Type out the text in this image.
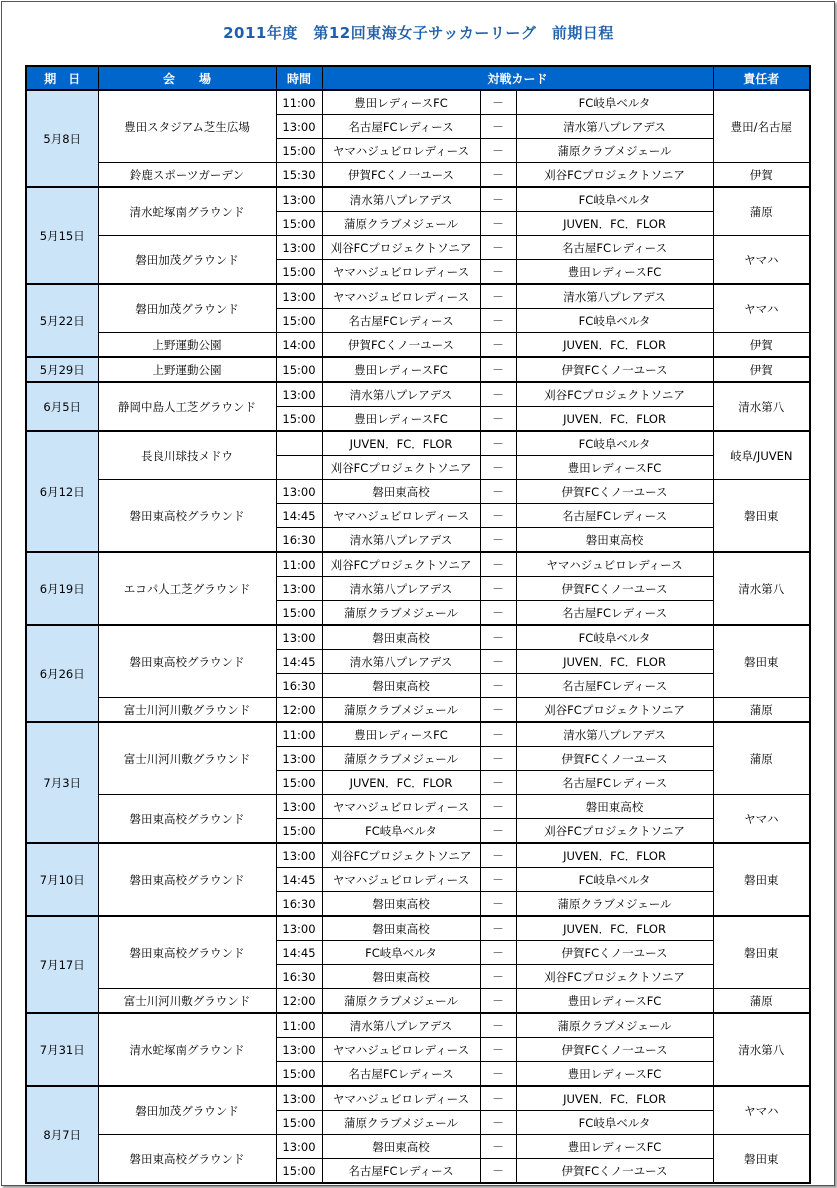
2011年度　第12回東海女子サッカーリーグ　前期日程
期　日	会　　場	時間	対戦カード			責任者
5月8日	豊田スタジアム芝生広場	11:00	豊田レディースFC	－	FC岐阜ベルタ	豊田/名古屋
		13:00	名古屋FCレディース	－	清水第八プレアデス	
		15:00	ヤマハジュビロレディース	－	蒲原クラブメジェール	
	鈴鹿スポーツガーデン	15:30	伊賀FCくノ一ユース	－	刈谷FCプロジェクトソニア	伊賀
5月15日	清水蛇塚南グラウンド	13:00	清水第八プレアデス	－	FC岐阜ベルタ	蒲原
		15:00	蒲原クラブメジェール	－	JUVEN．FC．FLOR	
	磐田加茂グラウンド	13:00	刈谷FCプロジェクトソニア	－	名古屋FCレディース	ヤマハ
		15:00	ヤマハジュビロレディース	－	豊田レディースFC	
5月22日	磐田加茂グラウンド	13:00	ヤマハジュビロレディース	－	清水第八プレアデス	ヤマハ
		15:00	名古屋FCレディース	－	FC岐阜ベルタ	
	上野運動公園	14:00	伊賀FCくノ一ユース	－	JUVEN．FC．FLOR	伊賀
5月29日	上野運動公園	15:00	豊田レディースFC	－	伊賀FCくノ一ユース	伊賀
6月5日	静岡中島人工芝グラウンド	13:00	清水第八プレアデス	－	刈谷FCプロジェクトソニア	清水第八
		15:00	豊田レディースFC	－	JUVEN．FC．FLOR	
6月12日	長良川球技メドウ		JUVEN．FC．FLOR	－	FC岐阜ベルタ	岐阜/JUVEN
			刈谷FCプロジェクトソニア	－	豊田レディースFC	
	磐田東高校グラウンド	13:00	磐田東高校	－	伊賀FCくノ一ユース	磐田東
		14:45	ヤマハジュビロレディース	－	名古屋FCレディース	
		16:30	清水第八プレアデス	－	磐田東高校	
6月19日	エコパ人工芝グラウンド	11:00	刈谷FCプロジェクトソニア	－	ヤマハジュビロレディース	清水第八
		13:00	清水第八プレアデス	－	伊賀FCくノ一ユース	
		15:00	蒲原クラブメジェール	－	名古屋FCレディース	
6月26日	磐田東高校グラウンド	13:00	磐田東高校	－	FC岐阜ベルタ	磐田東
		14:45	清水第八プレアデス	－	JUVEN．FC．FLOR	
		16:30	磐田東高校	－	名古屋FCレディース	
	富士川河川敷グラウンド	12:00	蒲原クラブメジェール	－	刈谷FCプロジェクトソニア	蒲原
7月3日	富士川河川敷グラウンド	11:00	豊田レディースFC	－	清水第八プレアデス	蒲原
		13:00	蒲原クラブメジェール	－	伊賀FCくノ一ユース	
		15:00	JUVEN．FC．FLOR	－	名古屋FCレディース	
	磐田東高校グラウンド	13:00	ヤマハジュビロレディース	－	磐田東高校	ヤマハ
		15:00	FC岐阜ベルタ	－	刈谷FCプロジェクトソニア	
7月10日	磐田東高校グラウンド	13:00	刈谷FCプロジェクトソニア	－	JUVEN．FC．FLOR	磐田東
		14:45	ヤマハジュビロレディース	－	FC岐阜ベルタ	
		16:30	磐田東高校	－	蒲原クラブメジェール	
7月17日	磐田東高校グラウンド	13:00	磐田東高校	－	JUVEN．FC．FLOR	磐田東
		14:45	FC岐阜ベルタ	－	伊賀FCくノ一ユース	
		16:30	磐田東高校	－	刈谷FCプロジェクトソニア	
	富士川河川敷グラウンド	12:00	蒲原クラブメジェール	－	豊田レディースFC	蒲原
7月31日	清水蛇塚南グラウンド	11:00	清水第八プレアデス	－	蒲原クラブメジェール	清水第八
		13:00	ヤマハジュビロレディース	－	伊賀FCくノ一ユース	
		15:00	名古屋FCレディース	－	豊田レディースFC	
8月7日	磐田加茂グラウンド	13:00	ヤマハジュビロレディース	－	JUVEN．FC．FLOR	ヤマハ
		15:00	蒲原クラブメジェール	－	FC岐阜ベルタ	
	磐田東高校グラウンド	13:00	磐田東高校	－	豊田レディースFC	磐田東
		15:00	名古屋FCレディース	－	伊賀FCくノ一ユース	
